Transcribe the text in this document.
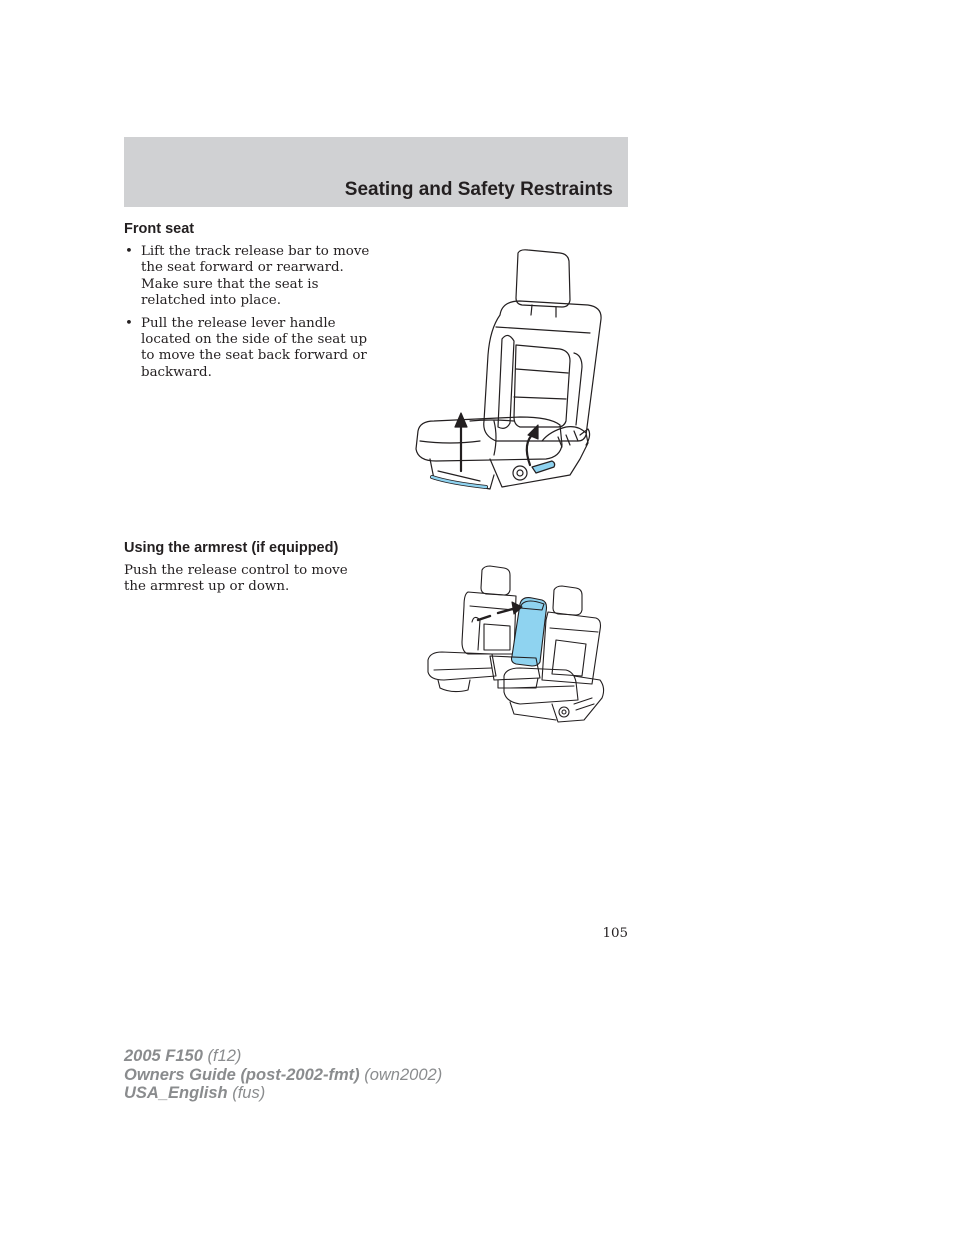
Seating and Safety Restraints
Front seat
• Lift the track release bar to move the seat forward or rearward. Make sure that the seat is relatched into place.
• Pull the release lever handle located on the side of the seat up to move the seat back forward or backward.
Using the armrest (if equipped)

Push the release control to move the armrest up or down.

105
2005 F150 (f12)
Owners Guide (post-2002-fmt) (own2002)
USA_English (fus)
